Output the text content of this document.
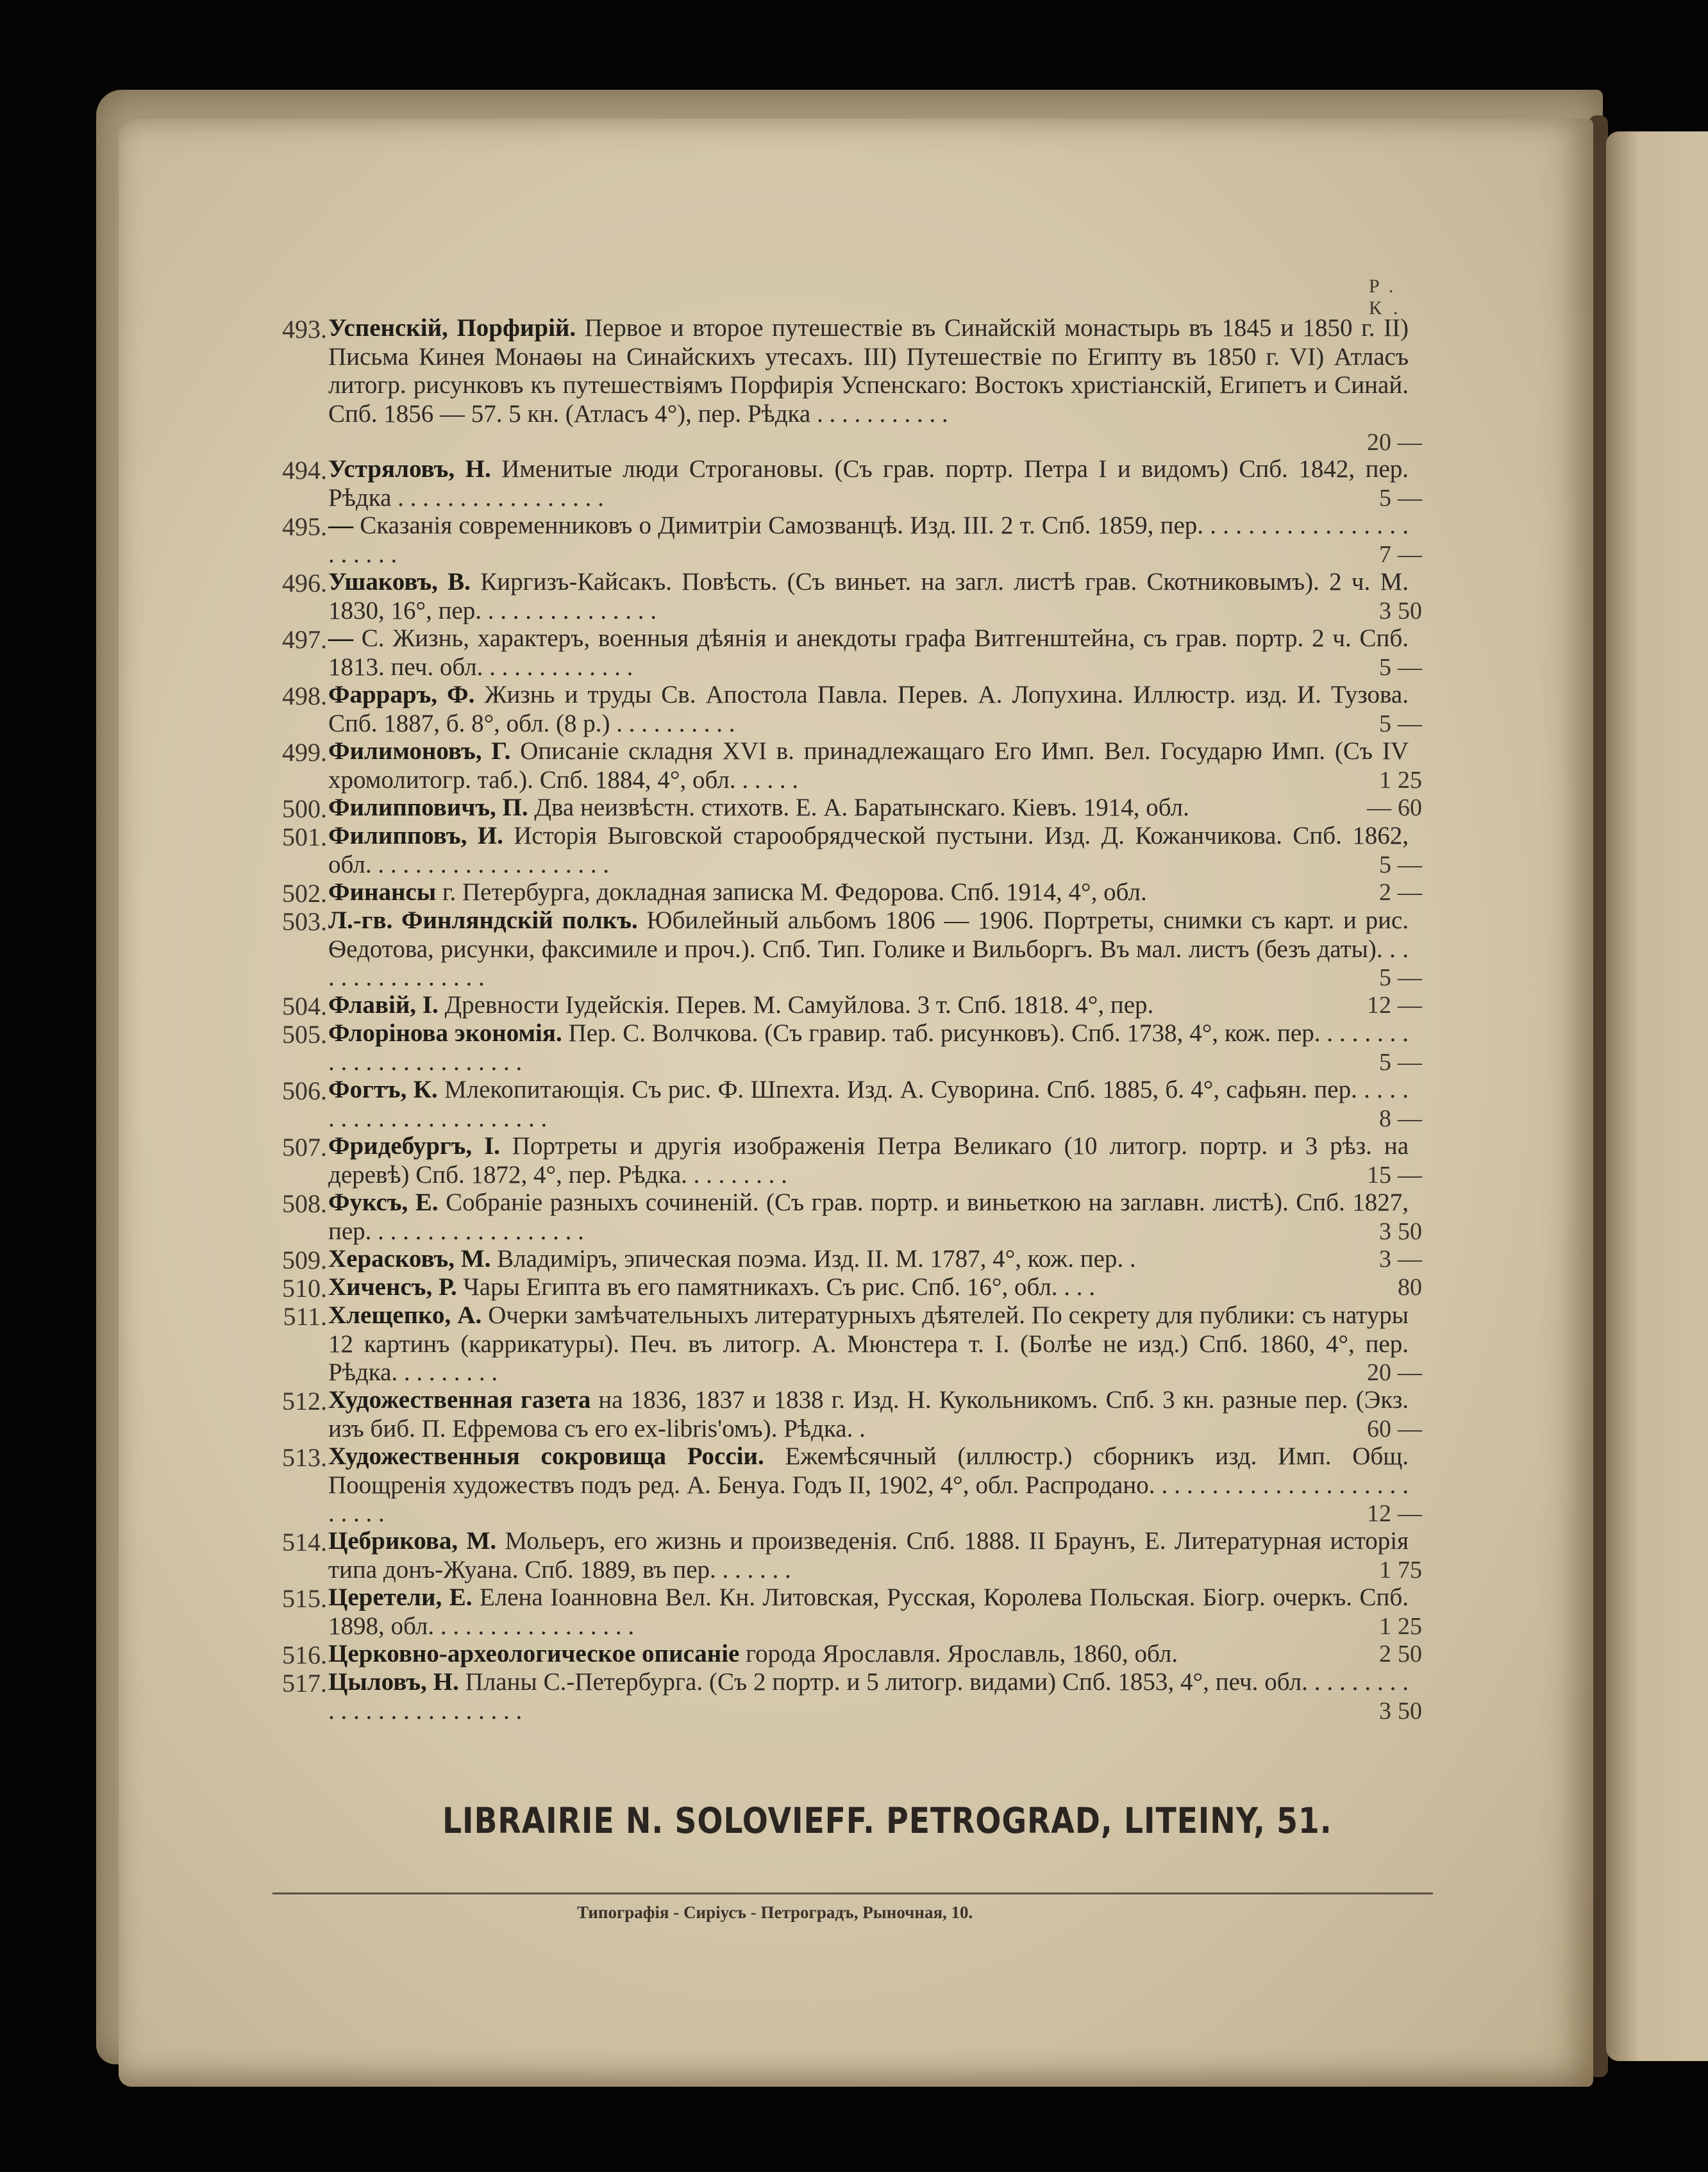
Р. К.
493. Успенскій, Порфирій. Первое и второе путешествіе въ Синайскій монастырь въ 1845 и 1850 г. II) Письма Кинея Монаѳы на Синайскихъ утесахъ. III) Путешествіе по Египту въ 1850 г. VI) Атласъ литогр. рисунковъ къ путешествіямъ Порфирія Успенскаго: Востокъ христіанскій, Египетъ и Синай. Спб. 1856 — 57. 5 кн. (Атласъ 4°), пер. Рѣдка . . . . . . . . . . .
20 —
494. Устряловъ, Н. Именитые люди Строгановы. (Съ грав. портр. Петра I и видомъ) Спб. 1842, пер. Рѣдка . . . . . . . . . . . . . . . . .	5 —
495. — Сказанія современниковъ о Димитріи Самозванцѣ. Изд. III. 2 т. Спб. 1859, пер. . . . . . . . . . . . . . . . . . . . . . .	7 —
496. Ушаковъ, В. Киргизъ-Кайсакъ. Повѣсть. (Съ виньет. на загл. листѣ грав. Скотниковымъ). 2 ч. М. 1830, 16°, пер. . . . . . . . . . . . . . .	3 50
497. — С. Жизнь, характеръ, военныя дѣянія и анекдоты графа Витгенштейна, съ грав. портр. 2 ч. Спб. 1813. печ. обл. . . . . . . . . . . . .	5 —
498. Фарраръ, Ф. Жизнь и труды Св. Апостола Павла. Перев. А. Лопухина. Иллюстр. изд. И. Тузова. Спб. 1887, б. 8°, обл. (8 р.) . . . . . . . . . .	5 —
499. Филимоновъ, Г. Описаніе складня XVI в. принадлежащаго Его Имп. Вел. Государю Имп. (Съ IV хромолитогр. таб.). Спб. 1884, 4°, обл. . . . . .	1 25
500. Филипповичъ, П. Два неизвѣстн. стихотв. Е. А. Баратынскаго. Кіевъ. 1914, обл.	— 60
501. Филипповъ, И. Исторія Выговской старообрядческой пустыни. Изд. Д. Кожанчикова. Спб. 1862, обл. . . . . . . . . . . . . . . . . . . .	5 —
502. Финансы г. Петербурга, докладная записка М. Федорова. Спб. 1914, 4°, обл.	2 —
503. Л.-гв. Финляндскій полкъ. Юбилейный альбомъ 1806 — 1906. Портреты, снимки съ карт. и рис. Ѳедотова, рисунки, факсимиле и проч.). Спб. Тип. Голике и Вильборгъ. Въ мал. листъ (безъ даты). . . . . . . . . . . . . . . .	5 —
504. Флавій, І. Древности Іудейскія. Перев. М. Самуйлова. 3 т. Спб. 1818. 4°, пер.	12 —
505. Флорінова экономія. Пер. С. Волчкова. (Съ гравир. таб. рисунковъ). Спб. 1738, 4°, кож. пер. . . . . . . . . . . . . . . . . . . . . . . .	5 —
506. Фогтъ, К. Млекопитающія. Съ рис. Ф. Шпехта. Изд. А. Суворина. Спб. 1885, б. 4°, сафьян. пер. . . . . . . . . . . . . . . . . . . . . . .	8 —
507. Фридебургъ, І. Портреты и другія изображенія Петра Великаго (10 литогр. портр. и 3 рѣз. на деревѣ) Спб. 1872, 4°, пер. Рѣдка. . . . . . . . .	15 —
508. Фуксъ, Е. Собраніе разныхъ сочиненій. (Съ грав. портр. и виньеткою на заглавн. листѣ). Спб. 1827, пер. . . . . . . . . . . . . . . . . .	3 50
509. Херасковъ, М. Владиміръ, эпическая поэма. Изд. II. М. 1787, 4°, кож. пер. .	3 —
510. Хиченсъ, Р. Чары Египта въ его памятникахъ. Съ рис. Спб. 16°, обл. . . .	80
511. Хлещепко, А. Очерки замѣчательныхъ литературныхъ дѣятелей. По секрету для публики: съ натуры 12 картинъ (каррикатуры). Печ. въ литогр. А. Мюнстера т. I. (Болѣе не изд.) Спб. 1860, 4°, пер. Рѣдка. . . . . . . . .	20 —
512. Художественная газета на 1836, 1837 и 1838 г. Изд. Н. Кукольникомъ. Спб. 3 кн. разные пер. (Экз. изъ биб. П. Ефремова съ его ex-libris'омъ). Рѣдка. .	60 —
513. Художественныя сокровища Россіи. Ежемѣсячный (иллюстр.) сборникъ изд. Имп. Общ. Поощренія художествъ подъ ред. А. Бенуа. Годъ II, 1902, 4°, обл. Распродано. . . . . . . . . . . . . . . . . . . . . . . . . .	12 —
514. Цебрикова, М. Мольеръ, его жизнь и произведенія. Спб. 1888. II Браунъ, Е. Литературная исторія типа донъ-Жуана. Спб. 1889, въ пер. . . . . . .	1 75
515. Церетели, Е. Елена Іоанновна Вел. Кн. Литовская, Русская, Королева Польская. Біогр. очеркъ. Спб. 1898, обл. . . . . . . . . . . . . . . . .	1 25
516. Церковно-археологическое описаніе города Ярославля. Ярославль, 1860, обл.	2 50
517. Цыловъ, Н. Планы С.-Петербурга. (Съ 2 портр. и 5 литогр. видами) Спб. 1853, 4°, печ. обл. . . . . . . . . . . . . . . . . . . . . . . . .	3 50
LIBRAIRIE N. SOLOVIEFF. PETROGRAD, LITEINY, 51.
Типографія - Сиріусъ - Петроградъ, Рыночная, 10.
